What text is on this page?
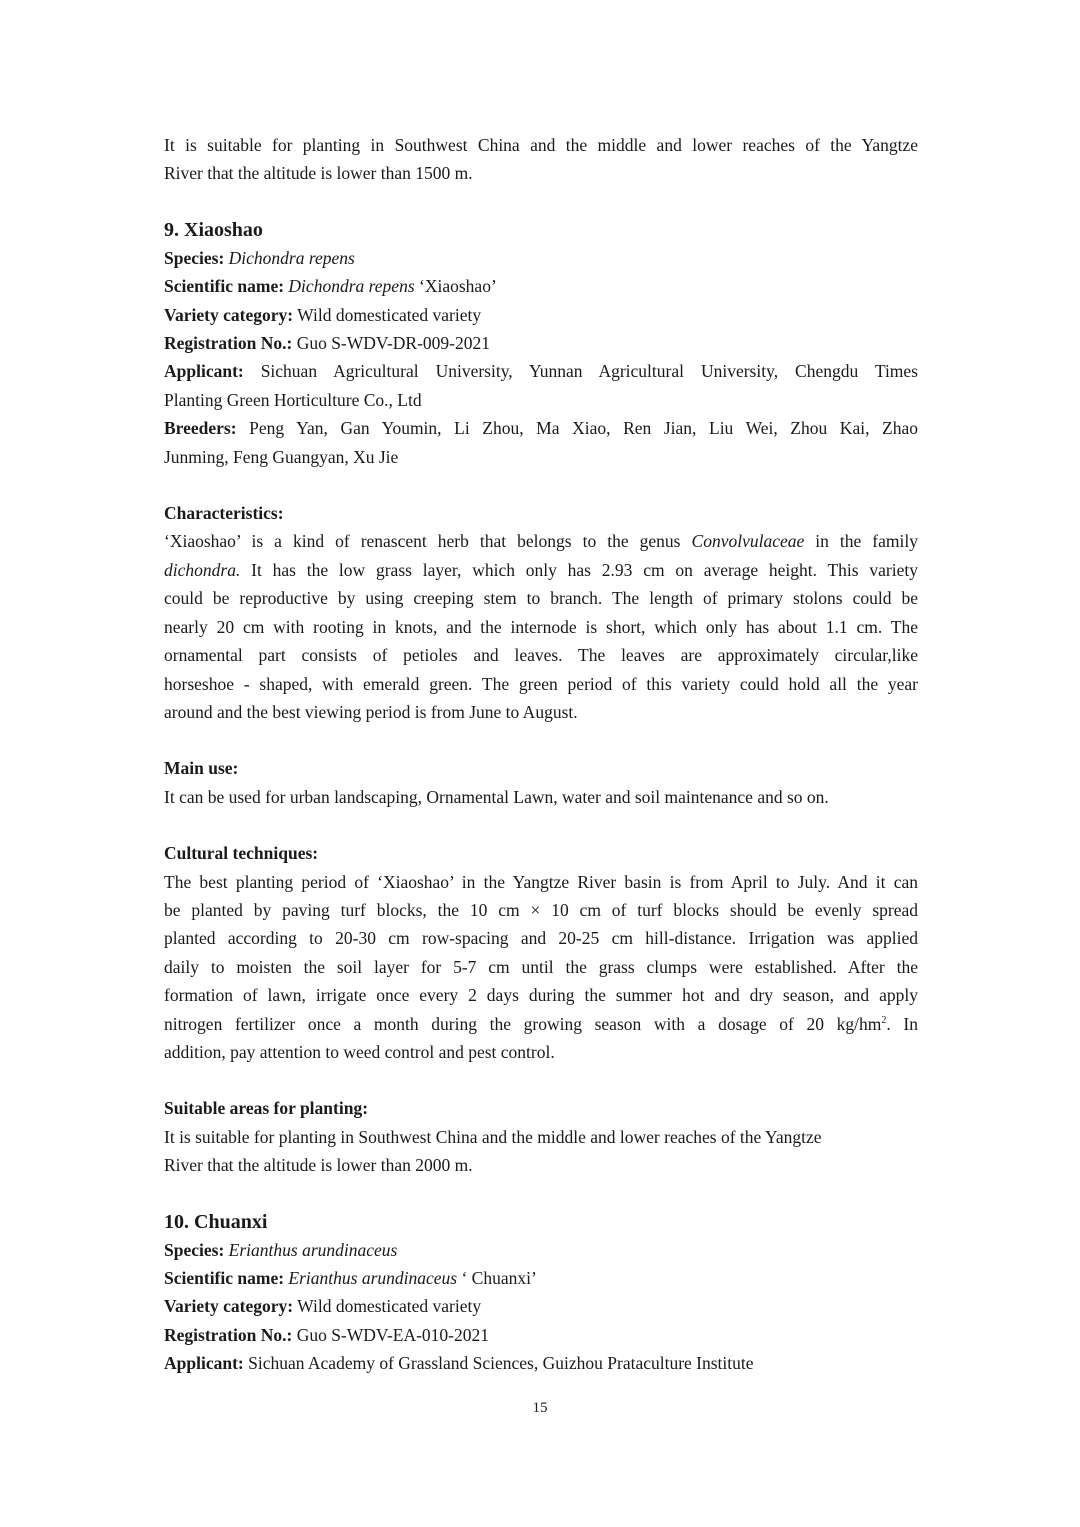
It is suitable for planting in Southwest China and the middle and lower reaches of the Yangtze
River that the altitude is lower than 1500 m.

9. Xiaoshao

Species: Dichondra repens

Scientific name: Dichondra repens ‘Xiaoshao’

Variety category: Wild domesticated variety

Registration No.: Guo S-WDV-DR-009-2021

Applicant: Sichuan Agricultural University, Yunnan Agricultural University, Chengdu Times
Planting Green Horticulture Co., Ltd

Breeders: Peng Yan, Gan Youmin, Li Zhou, Ma Xiao, Ren Jian, Liu Wei, Zhou Kai, Zhao
Junming, Feng Guangyan, Xu Jie

Characteristics:

‘Xiaoshao’ is a kind of renascent herb that belongs to the genus Convolvulaceae in the family
dichondra. It has the low grass layer, which only has 2.93 cm on average height. This variety
could be reproductive by using creeping stem to branch. The length of primary stolons could be
nearly 20 cm with rooting in knots, and the internode is short, which only has about 1.1 cm. The
ornamental part consists of petioles and leaves. The leaves are approximately circular,like
horseshoe - shaped, with emerald green. The green period of this variety could hold all the year
around and the best viewing period is from June to August.

Main use:

It can be used for urban landscaping, Ornamental Lawn, water and soil maintenance and so on.

Cultural techniques:

The best planting period of ‘Xiaoshao’ in the Yangtze River basin is from April to July. And it can
be planted by paving turf blocks, the 10 cm × 10 cm of turf blocks should be evenly spread
planted according to 20-30 cm row-spacing and 20-25 cm hill-distance. Irrigation was applied
daily to moisten the soil layer for 5-7 cm until the grass clumps were established. After the
formation of lawn, irrigate once every 2 days during the summer hot and dry season, and apply
nitrogen fertilizer once a month during the growing season with a dosage of 20 $kg/hm^2$. In
addition, pay attention to weed control and pest control.

Suitable areas for planting:

It is suitable for planting in Southwest China and the middle and lower reaches of the Yangtze
River that the altitude is lower than 2000 m.

10. Chuanxi

Species: Erianthus arundinaceus

Scientific name: Erianthus arundinaceus ‘ Chuanxi’

Variety category: Wild domesticated variety

Registration No.: Guo S-WDV-EA-010-2021

Applicant: Sichuan Academy of Grassland Sciences, Guizhou Prataculture Institute

15
